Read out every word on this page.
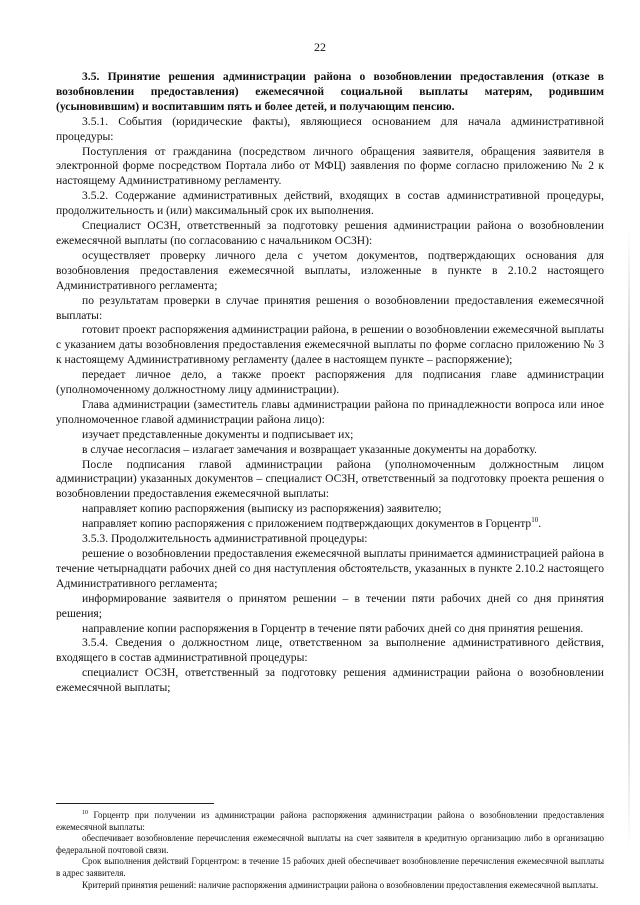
22

3.5. Принятие решения администрации района о возобновлении предоставления (отказе в возобновлении предоставления) ежемесячной социальной выплаты матерям, родившим (усыновившим) и воспитавшим пять и более детей, и получающим пенсию.

3.5.1. События (юридические факты), являющиеся основанием для начала административной процедуры:

Поступления от гражданина (посредством личного обращения заявителя, обращения заявителя в электронной форме посредством Портала либо от МФЦ) заявления по форме согласно приложению № 2 к настоящему Административному регламенту.

3.5.2. Содержание административных действий, входящих в состав административной процедуры, продолжительность и (или) максимальный срок их выполнения.

Специалист ОСЗН, ответственный за подготовку решения администрации района о возобновлении ежемесячной выплаты (по согласованию с начальником ОСЗН):

осуществляет проверку личного дела с учетом документов, подтверждающих основания для возобновления предоставления ежемесячной выплаты, изложенные в пункте в 2.10.2 настоящего Административного регламента;

по результатам проверки в случае принятия решения о возобновлении предоставления ежемесячной выплаты:

готовит проект распоряжения администрации района, в решении о возобновлении ежемесячной выплаты с указанием даты возобновления предоставления ежемесячной выплаты по форме согласно приложению № 3 к настоящему Административному регламенту (далее в настоящем пункте – распоряжение);

передает личное дело, а также проект распоряжения для подписания главе администрации (уполномоченному должностному лицу администрации).

Глава администрации (заместитель главы администрации района по принадлежности вопроса или иное уполномоченное главой администрации района лицо):

изучает представленные документы и подписывает их;

в случае несогласия – излагает замечания и возвращает указанные документы на доработку.

После подписания главой администрации района (уполномоченным должностным лицом администрации) указанных документов – специалист ОСЗН, ответственный за подготовку проекта решения о возобновлении предоставления ежемесячной выплаты:

направляет копию распоряжения (выписку из распоряжения) заявителю;

направляет копию распоряжения с приложением подтверждающих документов в Горцентр$^{10}$.

3.5.3. Продолжительность административной процедуры:

решение о возобновлении предоставления ежемесячной выплаты принимается администрацией района в течение четырнадцати рабочих дней со дня наступления обстоятельств, указанных в пункте 2.10.2 настоящего Административного регламента;

информирование заявителя о принятом решении – в течении пяти рабочих дней со дня принятия решения;

направление копии распоряжения в Горцентр в течение пяти рабочих дней со дня принятия решения.

3.5.4. Сведения о должностном лице, ответственном за выполнение административного действия, входящего в состав административной процедуры:

специалист ОСЗН, ответственный за подготовку решения администрации района о возобновлении ежемесячной выплаты;

$^{10}$ Горцентр при получении из администрации района распоряжения администрации района о возобновлении предоставления ежемесячной выплаты:

обеспечивает возобновление перечисления ежемесячной выплаты на счет заявителя в кредитную организацию либо в организацию федеральной почтовой связи.

Срок выполнения действий Горцентром: в течение 15 рабочих дней обеспечивает возобновление перечисления ежемесячной выплаты в адрес заявителя.

Критерий принятия решений: наличие распоряжения администрации района о возобновлении предоставления ежемесячной выплаты.
